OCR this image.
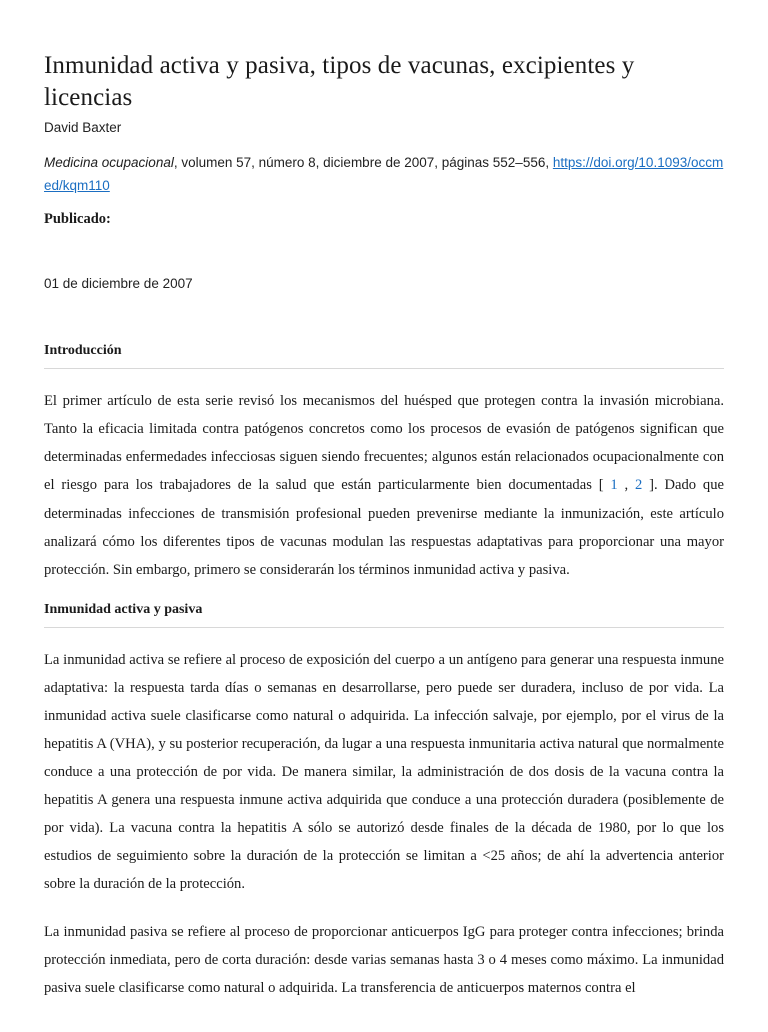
Inmunidad activa y pasiva, tipos de vacunas, excipientes y licencias
David Baxter
Medicina ocupacional, volumen 57, número 8, diciembre de 2007, páginas 552–556, https://doi.org/10.1093/occmed/kqm110
Publicado:
01 de diciembre de 2007
Introducción

El primer artículo de esta serie revisó los mecanismos del huésped que protegen contra la invasión microbiana. Tanto la eficacia limitada contra patógenos concretos como los procesos de evasión de patógenos significan que determinadas enfermedades infecciosas siguen siendo frecuentes; algunos están relacionados ocupacionalmente con el riesgo para los trabajadores de la salud que están particularmente bien documentadas [ 1 , 2 ]. Dado que determinadas infecciones de transmisión profesional pueden prevenirse mediante la inmunización, este artículo analizará cómo los diferentes tipos de vacunas modulan las respuestas adaptativas para proporcionar una mayor protección. Sin embargo, primero se considerarán los términos inmunidad activa y pasiva.

Inmunidad activa y pasiva

La inmunidad activa se refiere al proceso de exposición del cuerpo a un antígeno para generar una respuesta inmune adaptativa: la respuesta tarda días o semanas en desarrollarse, pero puede ser duradera, incluso de por vida. La inmunidad activa suele clasificarse como natural o adquirida. La infección salvaje, por ejemplo, por el virus de la hepatitis A (VHA), y su posterior recuperación, da lugar a una respuesta inmunitaria activa natural que normalmente conduce a una protección de por vida. De manera similar, la administración de dos dosis de la vacuna contra la hepatitis A genera una respuesta inmune activa adquirida que conduce a una protección duradera (posiblemente de por vida). La vacuna contra la hepatitis A sólo se autorizó desde finales de la década de 1980, por lo que los estudios de seguimiento sobre la duración de la protección se limitan a <25 años; de ahí la advertencia anterior sobre la duración de la protección.

La inmunidad pasiva se refiere al proceso de proporcionar anticuerpos IgG para proteger contra infecciones; brinda protección inmediata, pero de corta duración: desde varias semanas hasta 3 o 4 meses como máximo. La inmunidad pasiva suele clasificarse como natural o adquirida. La transferencia de anticuerpos maternos contra el
